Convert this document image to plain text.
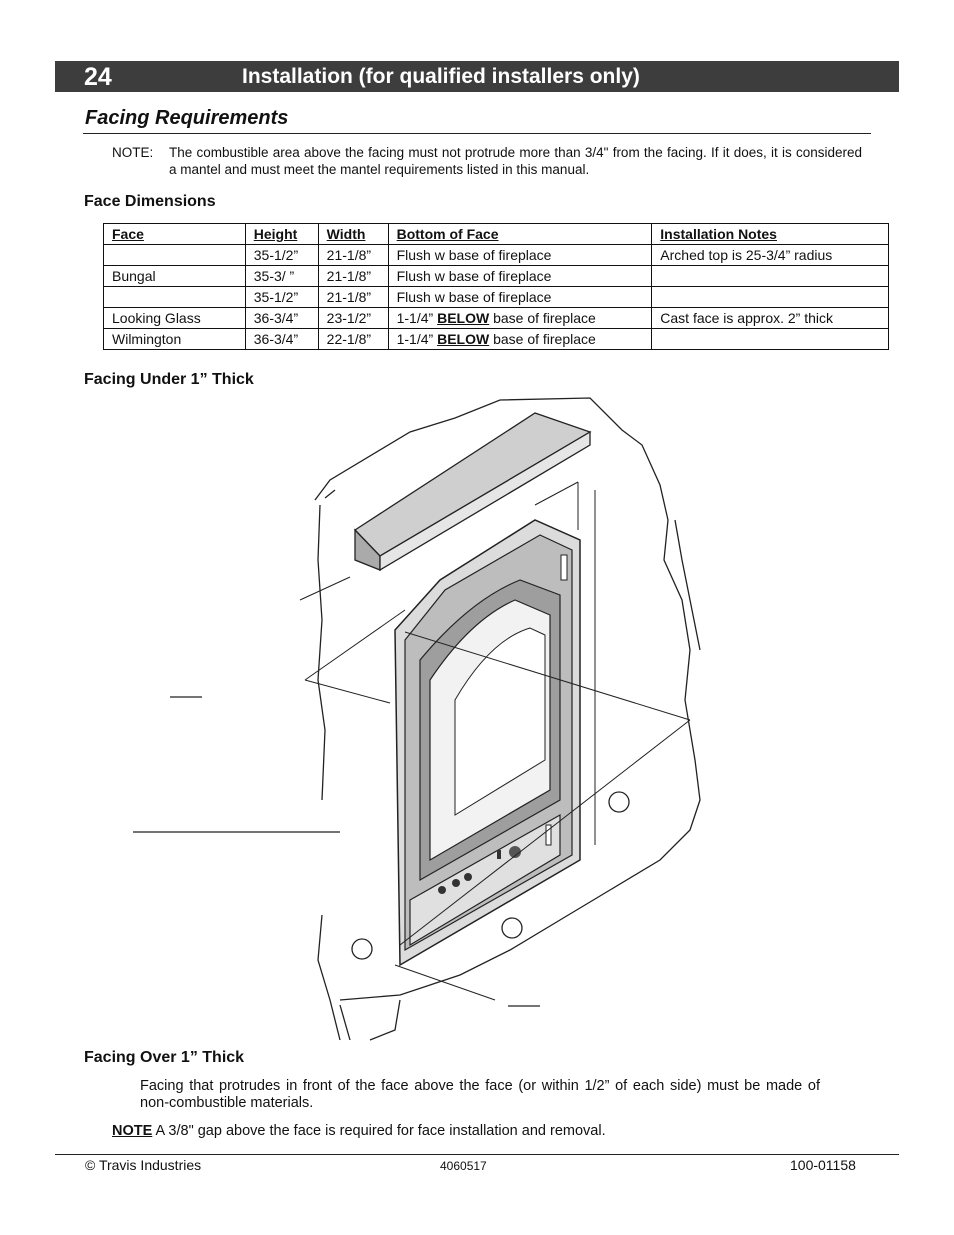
24	Installation (for qualified installers only)
Facing Requirements
NOTE: The combustible area above the facing must not protrude more than 3/4" from the facing. If it does, it is considered a mantel and must meet the mantel requirements listed in this manual.
Face Dimensions
Face	Height	Width	Bottom of Face	Installation Notes
	35-1/2”	21-1/8”	Flush w base of fireplace	Arched top is 25-3/4” radius
Bungal	35-3/ ”	21-1/8”	Flush w base of fireplace	
	35-1/2”	21-1/8”	Flush w base of fireplace	
Looking Glass	36-3/4”	23-1/2”	1-1/4” BELOW base of fireplace	Cast face is approx. 2” thick
Wilmington	36-3/4”	22-1/8”	1-1/4” BELOW base of fireplace	
Facing Under 1” Thick
Facing Over 1” Thick
Facing that protrudes in front of the face above the face (or within 1/2” of each side) must be made of non-combustible materials.
NOTE A 3/8" gap above the face is required for face installation and removal.
© Travis Industries	4060517	100-01158
